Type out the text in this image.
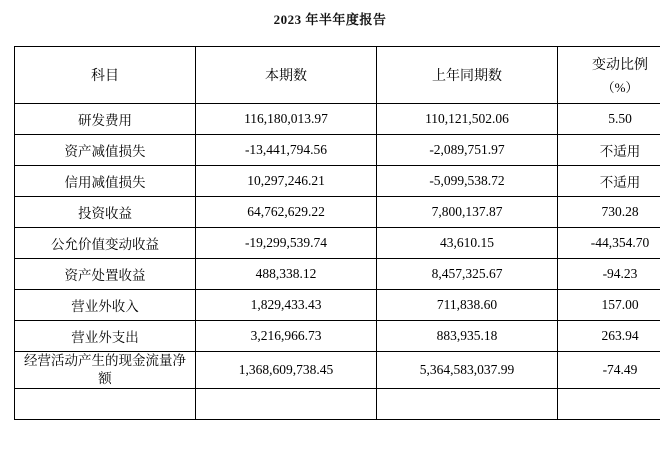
2023 年半年度报告
科目	本期数	上年同期数	变动比例
（%）

研发费用	116,180,013.97	110,121,502.06	5.50
资产减值损失	-13,441,794.56	-2,089,751.97	不适用
信用减值损失	10,297,246.21	-5,099,538.72	不适用
投资收益	64,762,629.22	7,800,137.87	730.28
公允价值变动收益	-19,299,539.74	43,610.15	-44,354.70
资产处置收益	488,338.12	8,457,325.67	-94.23
营业外收入	1,829,433.43	711,838.60	157.00
营业外支出	3,216,966.73	883,935.18	263.94
经营活动产生的现金流量净额	1,368,609,738.45	5,364,583,037.99	-74.49
